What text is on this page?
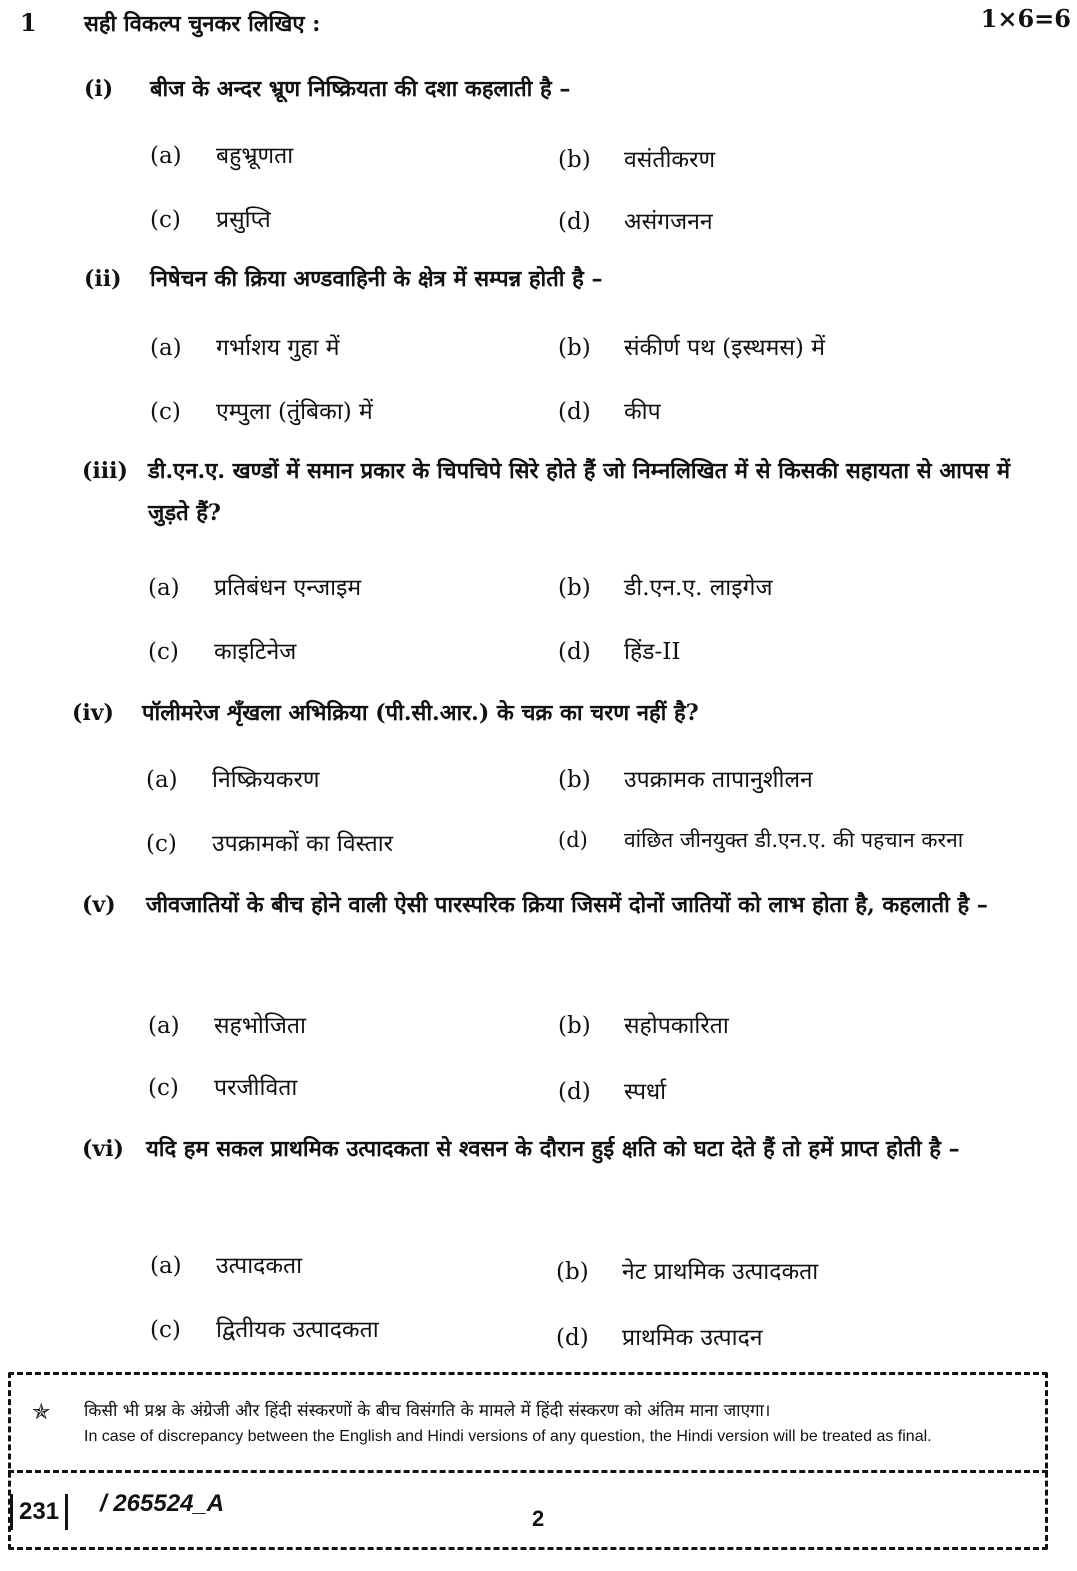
1 सही विकल्प चुनकर लिखिए :	1×6=6
(i) बीज के अन्दर भ्रूण निष्क्रियता की दशा कहलाती है –
(a) बहुभ्रूणता	(b) वसंतीकरण
(c) प्रसुप्ति	(d) असंगजनन
(ii) निषेचन की क्रिया अण्डवाहिनी के क्षेत्र में सम्पन्न होती है –
(a) गर्भाशय गुहा में	(b) संकीर्ण पथ (इस्थमस) में
(c) एम्पुला (तुंबिका) में	(d) कीप
(iii) डी.एन.ए. खण्डों में समान प्रकार के चिपचिपे सिरे होते हैं जो निम्नलिखित में से किसकी सहायता से आपस में जुड़ते हैं?
(a) प्रतिबंधन एन्जाइम	(b) डी.एन.ए. लाइगेज
(c) काइटिनेज	(d) हिंड-II
(iv) पॉलीमरेज शृँखला अभिक्रिया (पी.सी.आर.) के चक्र का चरण नहीं है?
(a) निष्क्रियकरण	(b) उपक्रामक तापानुशीलन
(c) उपक्रामकों का विस्तार	(d) वांछित जीनयुक्त डी.एन.ए. की पहचान करना
(v) जीवजातियों के बीच होने वाली ऐसी पारस्परिक क्रिया जिसमें दोनों जातियों को लाभ होता है, कहलाती है –
(a) सहभोजिता	(b) सहोपकारिता
(c) परजीविता	(d) स्पर्धा
(vi) यदि हम सकल प्राथमिक उत्पादकता से श्वसन के दौरान हुई क्षति को घटा देते हैं तो हमें प्राप्त होती है –
(a) उत्पादकता	(b) नेट प्राथमिक उत्पादकता
(c) द्वितीयक उत्पादकता	(d) प्राथमिक उत्पादन
✯ किसी भी प्रश्न के अंग्रेजी और हिंदी संस्करणों के बीच विसंगति के मामले में हिंदी संस्करण को अंतिम माना जाएगा।
In case of discrepancy between the English and Hindi versions of any question, the Hindi version will be treated as final.
231	/ 265524_A
2
